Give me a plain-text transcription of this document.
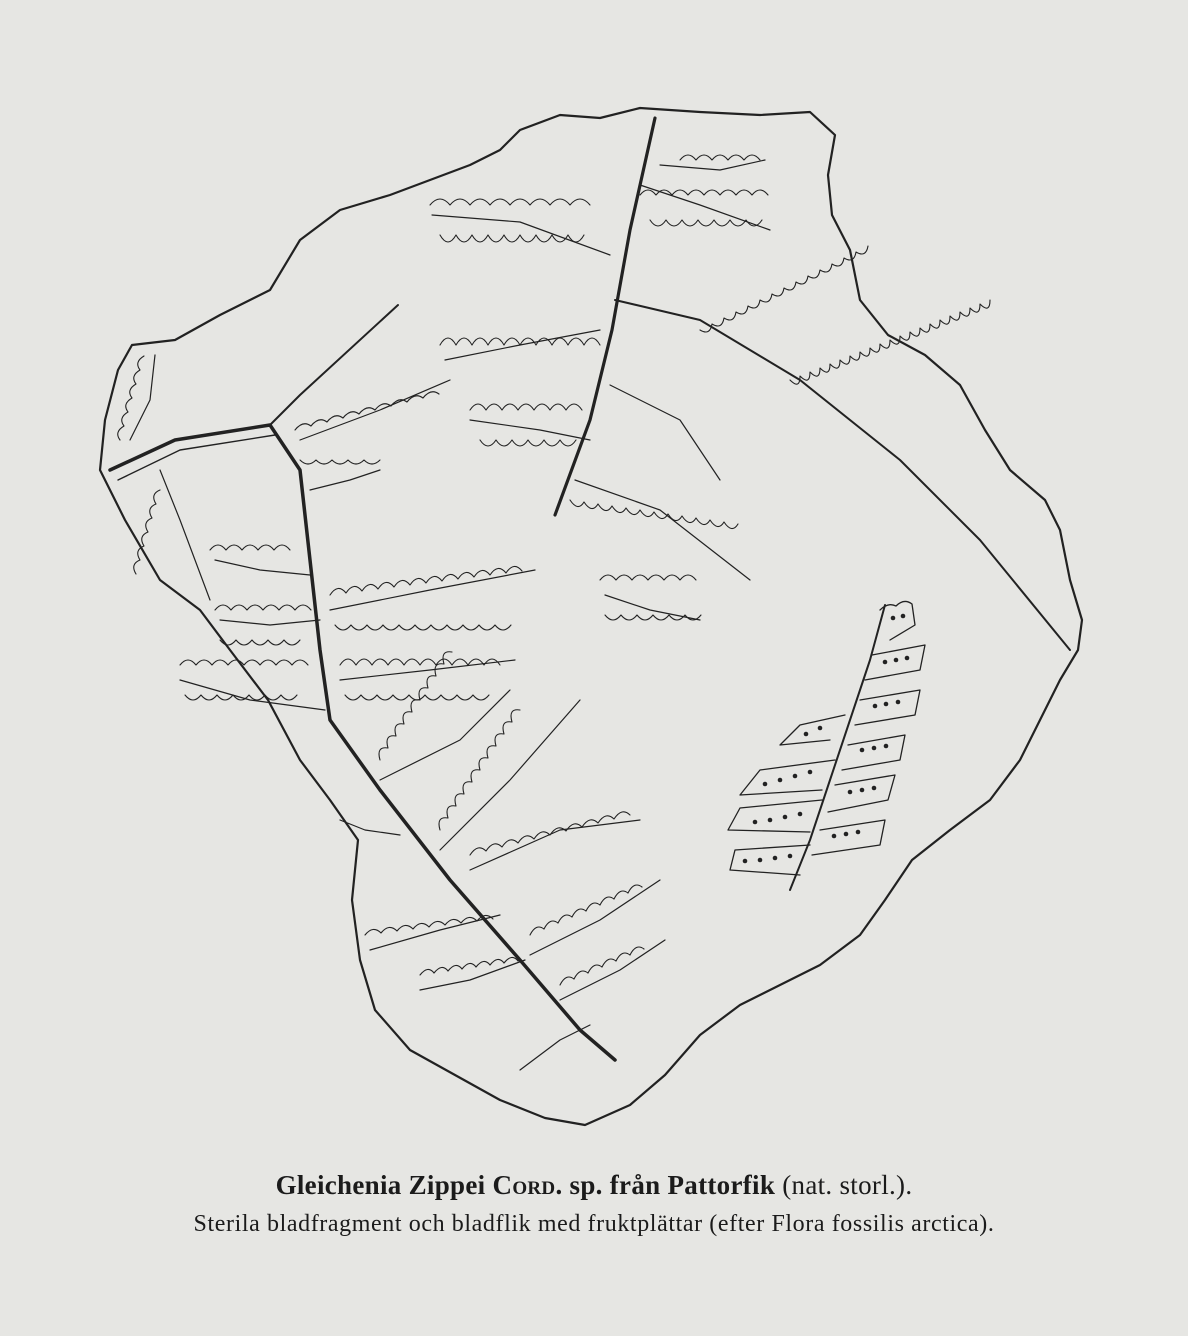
Gleichenia Zippei Cord. sp. från Pattorfik (nat. storl.).
Sterila bladfragment och bladflik med fruktplättar (efter Flora fossilis arctica).
